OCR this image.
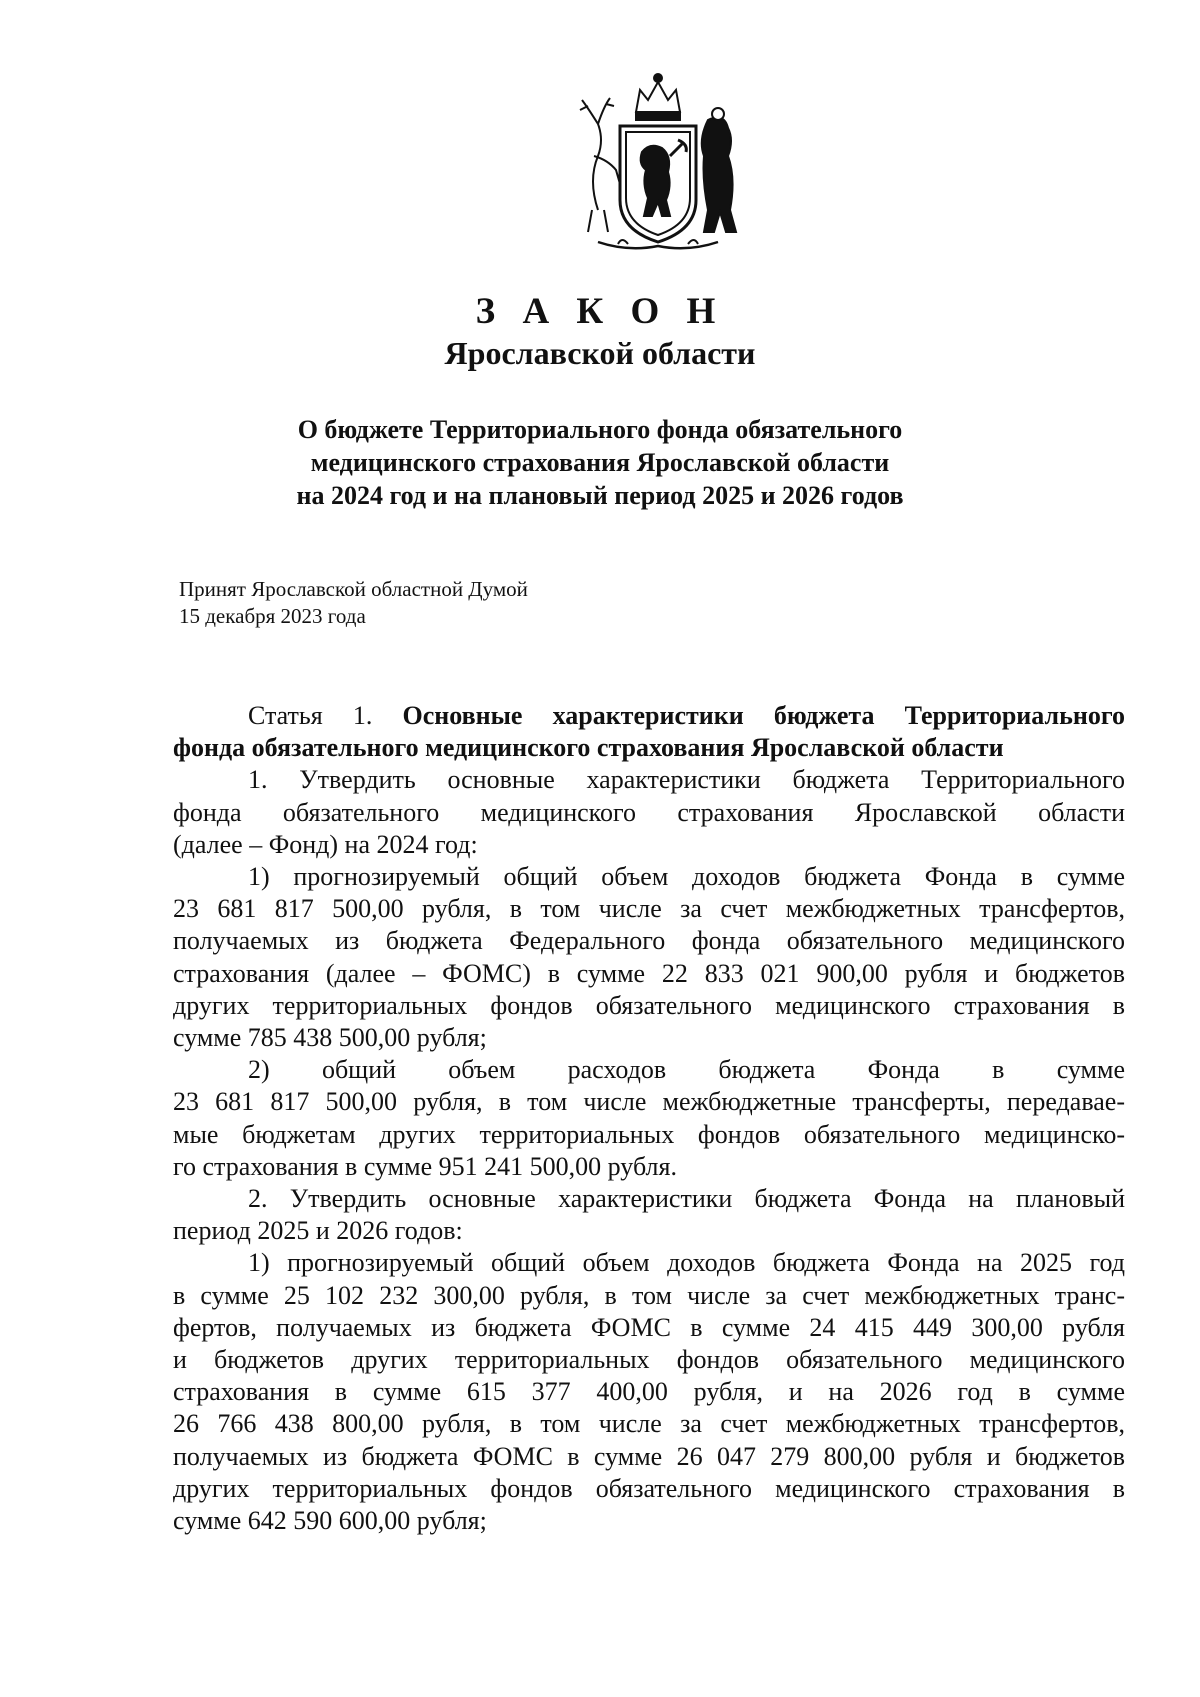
З А К О Н
Ярославской области
О бюджете Территориального фонда обязательного
медицинского страхования Ярославской области
на 2024 год и на плановый период 2025 и 2026 годов
Принят Ярославской областной Думой
15 декабря 2023 года

Статья 1. Основные характеристики бюджета Территориального
фонда обязательного медицинского страхования Ярославской области

1. Утвердить основные характеристики бюджета Территориального
фонда обязательного медицинского страхования Ярославской области
(далее – Фонд) на 2024 год:

1) прогнозируемый общий объем доходов бюджета Фонда в сумме
23 681 817 500,00 рубля, в том числе за счет межбюджетных трансфертов,
получаемых из бюджета Федерального фонда обязательного медицинского
страхования (далее – ФОМС) в сумме 22 833 021 900,00 рубля и бюджетов
других территориальных фондов обязательного медицинского страхования в
сумме 785 438 500,00 рубля;

2) общий объем расходов бюджета Фонда в сумме
23 681 817 500,00 рубля, в том числе межбюджетные трансферты, передавае-
мые бюджетам других территориальных фондов обязательного медицинско-
го страхования в сумме 951 241 500,00 рубля.

2. Утвердить основные характеристики бюджета Фонда на плановый
период 2025 и 2026 годов:

1) прогнозируемый общий объем доходов бюджета Фонда на 2025 год
в сумме 25 102 232 300,00 рубля, в том числе за счет межбюджетных транс-
фертов, получаемых из бюджета ФОМС в сумме 24 415 449 300,00 рубля
и бюджетов других территориальных фондов обязательного медицинского
страхования в сумме 615 377 400,00 рубля, и на 2026 год в сумме
26 766 438 800,00 рубля, в том числе за счет межбюджетных трансфертов,
получаемых из бюджета ФОМС в сумме 26 047 279 800,00 рубля и бюджетов
других территориальных фондов обязательного медицинского страхования в
сумме 642 590 600,00 рубля;
